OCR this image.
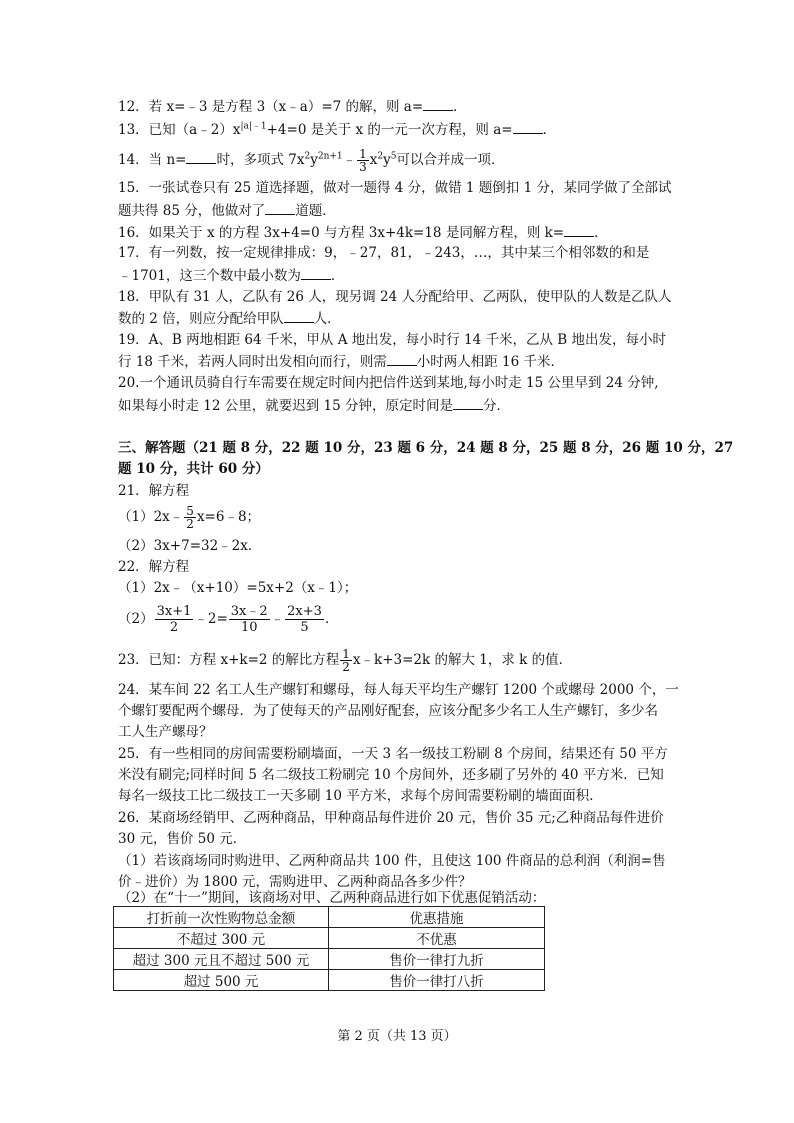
12．若 x=﹣3 是方程 3（x﹣a）=7 的解，则 a= ．
13．已知$(a﹣2)x^{|a|﹣1}+4=0$ 是关于 x 的一元一次方程，则 a= ．
14．当 n= 时，多项式 $7x^2y^{2n+1}﹣ \frac{1}{3} x^2y^5$可以合并成一项．
15．一张试卷只有 25 道选择题，做对一题得 4 分，做错 1 题倒扣 1 分，某同学做了全部试
题共得 85 分，他做对了 道题．
16．如果关于 x 的方程 3x+4=0 与方程 3x+4k=18 是同解方程，则 k= ．
17．有一列数，按一定规律排成：9，﹣27，81，﹣243，…，其中某三个相邻数的和是
﹣1701，这三个数中最小数为 ．
18．甲队有 31 人，乙队有 26 人，现另调 24 人分配给甲、乙两队，使甲队的人数是乙队人
数的 2 倍，则应分配给甲队 人．
19．A、B 两地相距 64 千米，甲从 A 地出发，每小时行 14 千米，乙从 B 地出发，每小时
行 18 千米，若两人同时出发相向而行，则需 小时两人相距 16 千米．
20.一个通讯员骑自行车需要在规定时间内把信件送到某地,每小时走 15 公里早到 24 分钟,
如果每小时走 12 公里，就要迟到 15 分钟，原定时间是 分．
三、解答题（21 题 8 分，22 题 10 分，23 题 6 分，24 题 8 分，25 题 8 分，26 题 10 分，27
题 10 分，共计 60 分）
21．解方程
（1）2x﹣ $\frac{5}{2}$ x=6﹣8；
（2）3x+7=32﹣2x．
22．解方程
（1）2x﹣（x+10）=5x+2（x﹣1）；
$(2) \frac{3x+1}{2}$ ﹣2= $\frac{3x﹣2}{10}$ ﹣ $\frac{2x+3}{5}$ ．
23．已知：方程 x+k=2 的解比方程 $\frac{1}{2}$ x﹣k+3=2k 的解大 1，求 k 的值．
24．某车间 22 名工人生产螺钉和螺母，每人每天平均生产螺钉 1200 个或螺母 2000 个，一
个螺钉要配两个螺母．为了使每天的产品刚好配套，应该分配多少名工人生产螺钉，多少名
工人生产螺母？
25．有一些相同的房间需要粉刷墙面，一天 3 名一级技工粉刷 8 个房间，结果还有 50 平方
米没有刷完;同样时间 5 名二级技工粉刷完 10 个房间外，还多刷了另外的 40 平方米．已知
每名一级技工比二级技工一天多刷 10 平方米，求每个房间需要粉刷的墙面面积．
26．某商场经销甲、乙两种商品，甲种商品每件进价 20 元，售价 35 元;乙种商品每件进价
30 元，售价 50 元．
（1）若该商场同时购进甲、乙两种商品共 100 件，且使这 100 件商品的总利润（利润=售
价﹣进价）为 1800 元，需购进甲、乙两种商品各多少件？
（2）在“十一”期间，该商场对甲、乙两种商品进行如下优惠促销活动：
打折前一次性购物总金额	优惠措施
不超过 300 元	不优惠
超过 300 元且不超过 500 元	售价一律打九折
超过 500 元	售价一律打八折
第 2 页（共 13 页）
